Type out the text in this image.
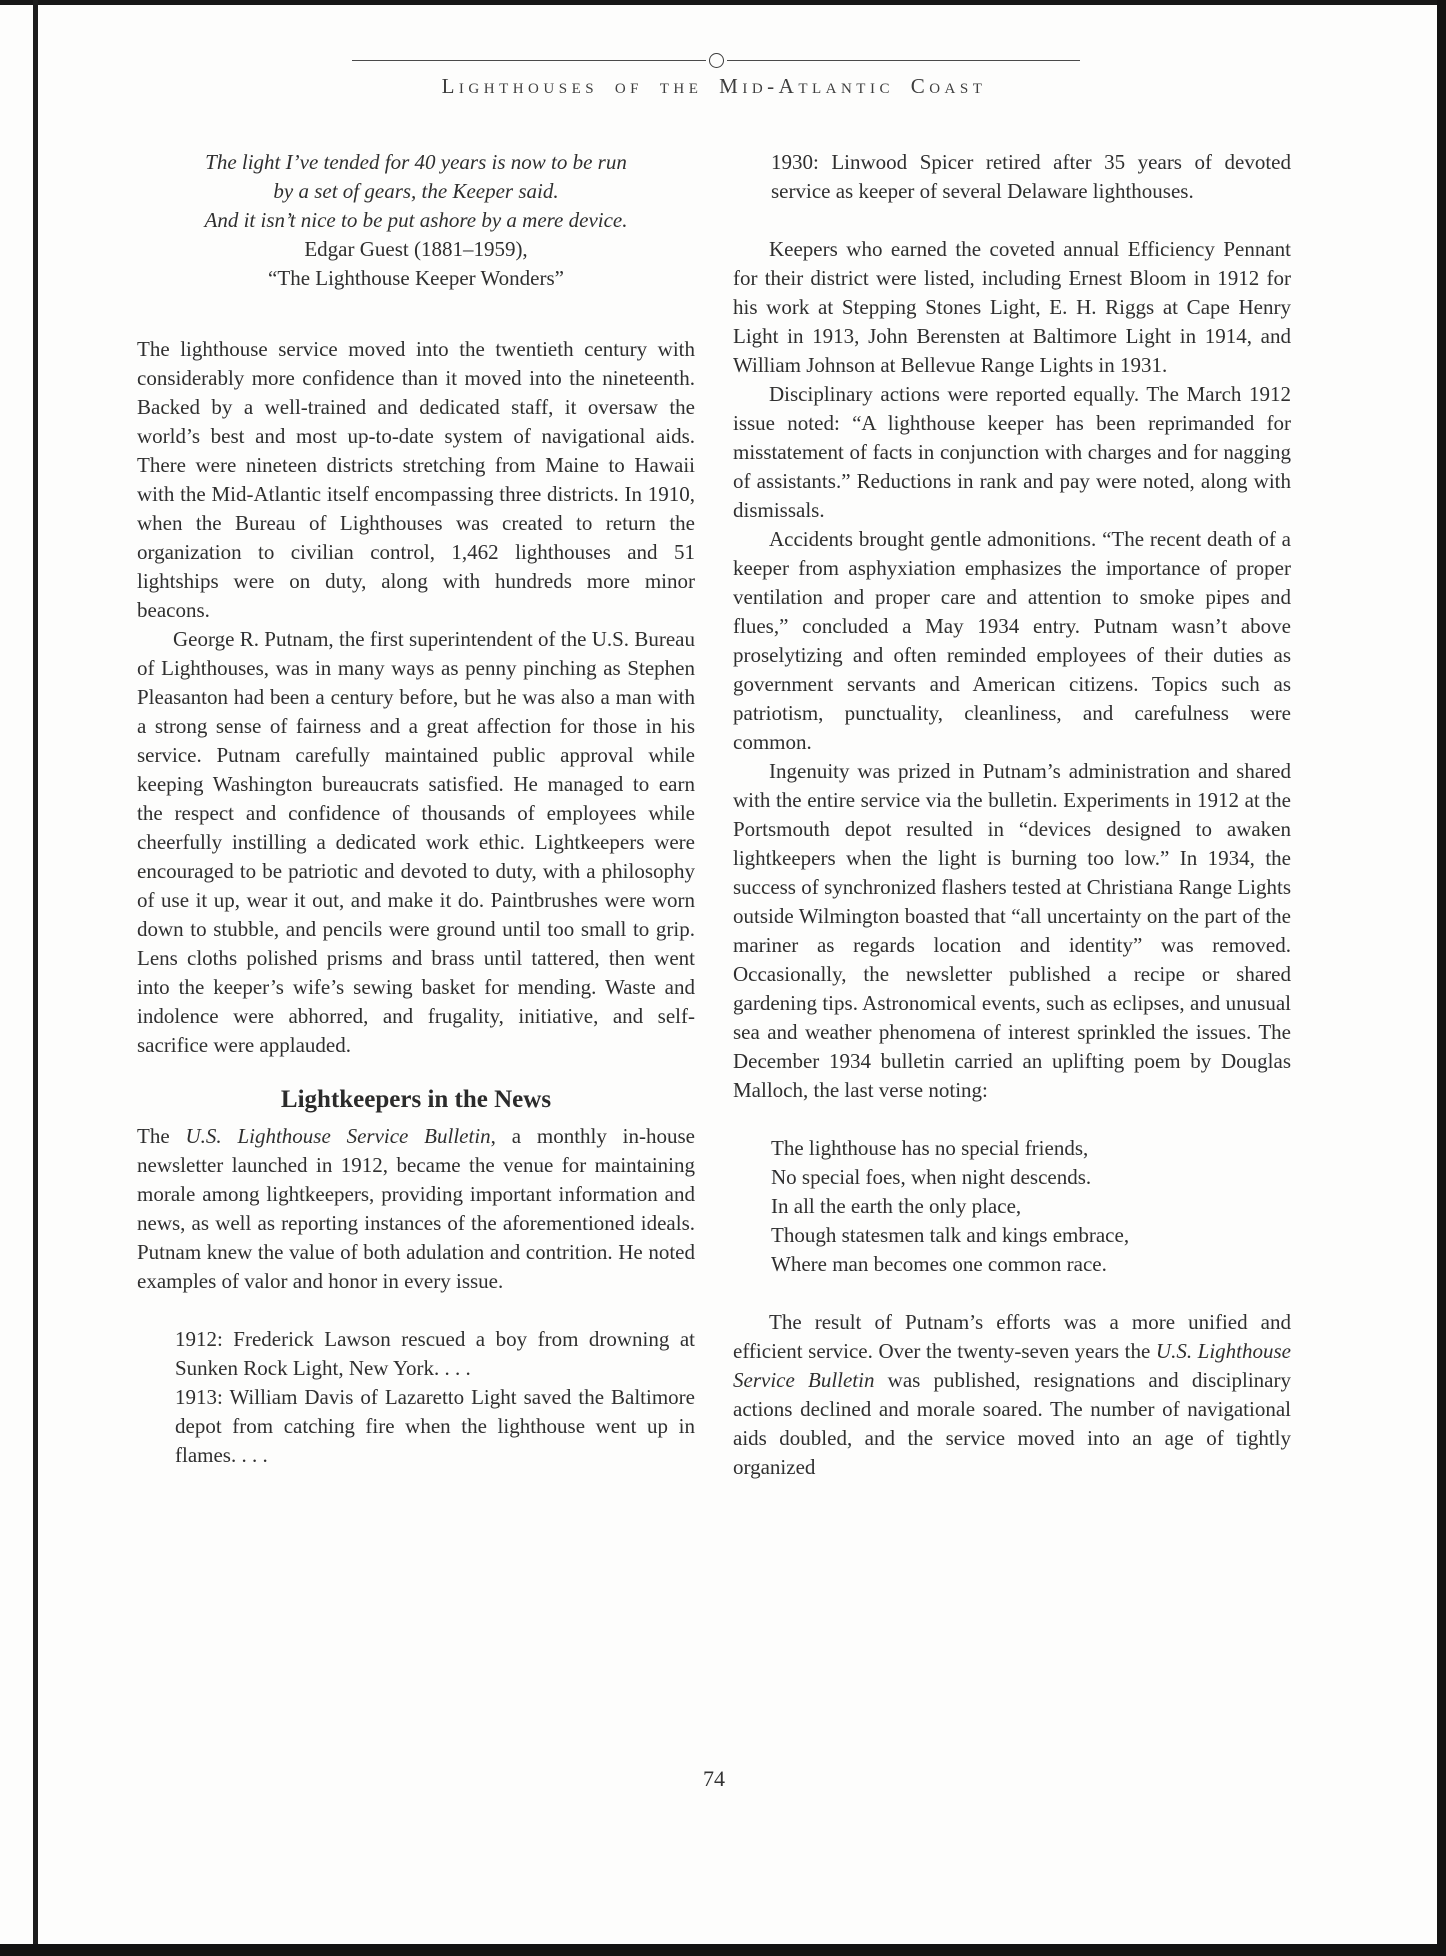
Lighthouses of the Mid-Atlantic Coast
The light I’ve tended for 40 years is now to be run
by a set of gears, the Keeper said.
And it isn’t nice to be put ashore by a mere device.
Edgar Guest (1881–1959),
“The Lighthouse Keeper Wonders”

The lighthouse service moved into the twentieth century with considerably more confidence than it moved into the nineteenth. Backed by a well-trained and dedicated staff, it oversaw the world’s best and most up-to-date system of navigational aids. There were nineteen districts stretching from Maine to Hawaii with the Mid-Atlantic itself encompassing three districts. In 1910, when the Bureau of Lighthouses was created to return the organization to civilian control, 1,462 lighthouses and 51 lightships were on duty, along with hundreds more minor beacons.

George R. Putnam, the first superintendent of the U.S. Bureau of Lighthouses, was in many ways as penny pinching as Stephen Pleasanton had been a century before, but he was also a man with a strong sense of fairness and a great affection for those in his service. Putnam carefully maintained public approval while keeping Washington bureaucrats satisfied. He managed to earn the respect and confidence of thousands of employees while cheerfully instilling a dedicated work ethic. Lightkeepers were encouraged to be patriotic and devoted to duty, with a philosophy of use it up, wear it out, and make it do. Paintbrushes were worn down to stubble, and pencils were ground until too small to grip. Lens cloths polished prisms and brass until tattered, then went into the keeper’s wife’s sewing basket for mending. Waste and indolence were abhorred, and frugality, initiative, and self-sacrifice were applauded.

Lightkeepers in the News

The U.S. Lighthouse Service Bulletin, a monthly in-house newsletter launched in 1912, became the venue for maintaining morale among lightkeepers, providing important information and news, as well as reporting instances of the aforementioned ideals. Putnam knew the value of both adulation and contrition. He noted examples of valor and honor in every issue.

1912: Frederick Lawson rescued a boy from drowning at Sunken Rock Light, New York. . . .

1913: William Davis of Lazaretto Light saved the Baltimore depot from catching fire when the lighthouse went up in flames. . . .

1930: Linwood Spicer retired after 35 years of devoted service as keeper of several Delaware lighthouses.

Keepers who earned the coveted annual Efficiency Pennant for their district were listed, including Ernest Bloom in 1912 for his work at Stepping Stones Light, E. H. Riggs at Cape Henry Light in 1913, John Berensten at Baltimore Light in 1914, and William Johnson at Bellevue Range Lights in 1931.

Disciplinary actions were reported equally. The March 1912 issue noted: “A lighthouse keeper has been reprimanded for misstatement of facts in conjunction with charges and for nagging of assistants.” Reductions in rank and pay were noted, along with dismissals.

Accidents brought gentle admonitions. “The recent death of a keeper from asphyxiation emphasizes the importance of proper ventilation and proper care and attention to smoke pipes and flues,” concluded a May 1934 entry. Putnam wasn’t above proselytizing and often reminded employees of their duties as government servants and American citizens. Topics such as patriotism, punctuality, cleanliness, and carefulness were common.

Ingenuity was prized in Putnam’s administration and shared with the entire service via the bulletin. Experiments in 1912 at the Portsmouth depot resulted in “devices designed to awaken lightkeepers when the light is burning too low.” In 1934, the success of synchronized flashers tested at Christiana Range Lights outside Wilmington boasted that “all uncertainty on the part of the mariner as regards location and identity” was removed. Occasionally, the newsletter published a recipe or shared gardening tips. Astronomical events, such as eclipses, and unusual sea and weather phenomena of interest sprinkled the issues. The December 1934 bulletin carried an uplifting poem by Douglas Malloch, the last verse noting:

The lighthouse has no special friends,
No special foes, when night descends.
In all the earth the only place,
Though statesmen talk and kings embrace,
Where man becomes one common race.

The result of Putnam’s efforts was a more unified and efficient service. Over the twenty-seven years the U.S. Lighthouse Service Bulletin was published, resignations and disciplinary actions declined and morale soared. The number of navigational aids doubled, and the service moved into an age of tightly organized

74
